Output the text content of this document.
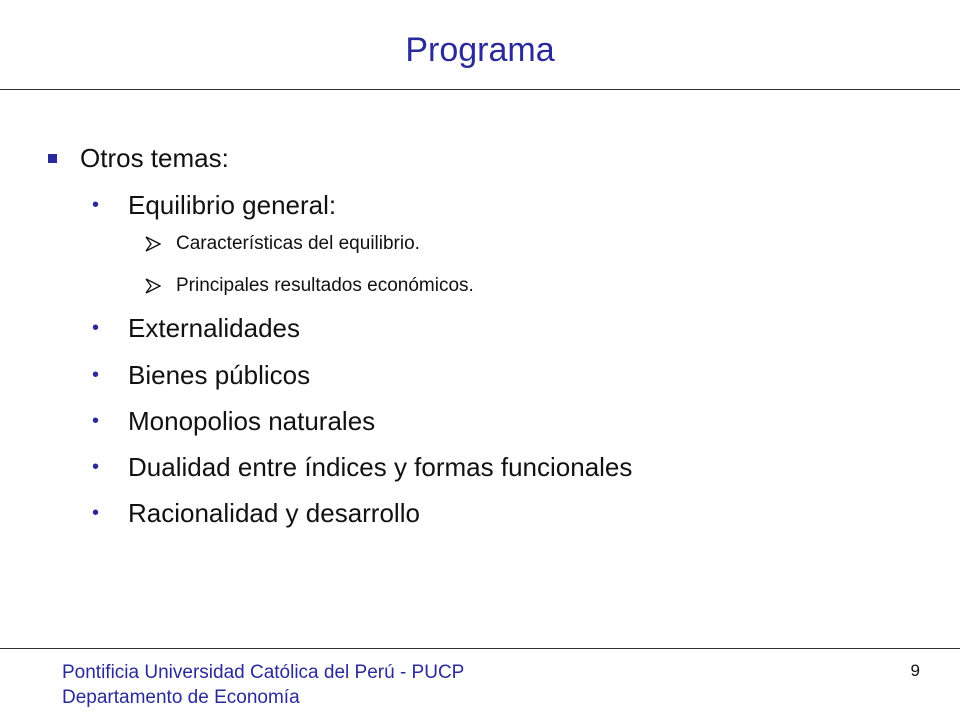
Programa
Otros temas:
• Equilibrio general:
Características del equilibrio.
Principales resultados económicos.
• Externalidades
• Bienes públicos
• Monopolios naturales
• Dualidad entre índices y formas funcionales
• Racionalidad y desarrollo
Pontificia Universidad Católica del Perú - PUCP
Departamento de Economía
9
